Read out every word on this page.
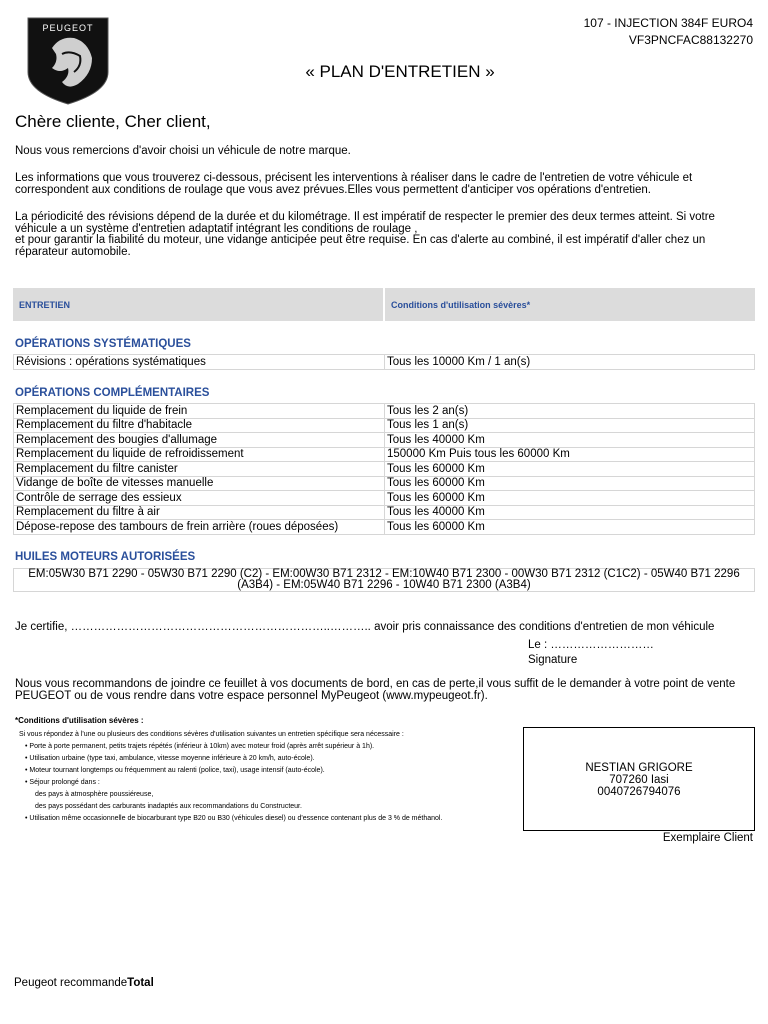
PEUGEOT	107 - INJECTION 384F EURO4
VF3PNCFAC88132270
« PLAN D'ENTRETIEN »
Chère cliente, Cher client,
Nous vous remercions d'avoir choisi un véhicule de notre marque.
Les informations que vous trouverez ci-dessous, précisent les interventions à réaliser dans le cadre de l'entretien de votre véhicule et
correspondent aux conditions de roulage que vous avez prévues.Elles vous permettent d'anticiper vos opérations d'entretien.
La périodicité des révisions dépend de la durée et du kilométrage. Il est impératif de respecter le premier des deux termes atteint. Si votre
véhicule a un système d'entretien adaptatif intégrant les conditions de roulage ,
et pour garantir la fiabilité du moteur, une vidange anticipée peut être requise. En cas d'alerte au combiné, il est impératif d'aller chez un
réparateur automobile.
ENTRETIEN	Conditions d'utilisation sévères*
OPÉRATIONS SYSTÉMATIQUES
Révisions : opérations systématiques	Tous les 10000 Km / 1 an(s)
OPÉRATIONS COMPLÉMENTAIRES
Remplacement du liquide de frein	Tous les 2 an(s)
Remplacement du filtre d'habitacle	Tous les 1 an(s)
Remplacement des bougies d'allumage	Tous les 40000 Km
Remplacement du liquide de refroidissement	150000 Km Puis tous les 60000 Km
Remplacement du filtre canister	Tous les 60000 Km
Vidange de boîte de vitesses manuelle	Tous les 60000 Km
Contrôle de serrage des essieux	Tous les 60000 Km
Remplacement du filtre à air	Tous les 40000 Km
Dépose-repose des tambours de frein arrière (roues déposées)	Tous les 60000 Km
HUILES MOTEURS AUTORISÉES
EM:05W30 B71 2290 - 05W30 B71 2290 (C2) - EM:00W30 B71 2312 - EM:10W40 B71 2300 - 00W30 B71 2312 (C1C2) - 05W40 B71 2296
(A3B4) - EM:05W40 B71 2296 - 10W40 B71 2300 (A3B4)
Je certifie, …………………………………………………………..……….. avoir pris connaissance des conditions d'entretien de mon véhicule
Le : ………………………
Signature
Nous vous recommandons de joindre ce feuillet à vos documents de bord, en cas de perte,il vous suffit de le demander à votre point de vente
PEUGEOT ou de vous rendre dans votre espace personnel MyPeugeot (www.mypeugeot.fr).
*Conditions d'utilisation sévères :
Si vous répondez à l'une ou plusieurs des conditions sévères d'utilisation suivantes un entretien spécifique sera nécessaire :
• Porte à porte permanent, petits trajets répétés (inférieur à 10km) avec moteur froid (après arrêt supérieur à 1h).
• Utilisation urbaine (type taxi, ambulance, vitesse moyenne inférieure à 20 km/h, auto-école).
• Moteur tournant longtemps ou fréquemment au ralenti (police, taxi), usage intensif (auto-école).
• Séjour prolongé dans :
des pays à atmosphère poussiéreuse,
des pays possédant des carburants inadaptés aux recommandations du Constructeur.
• Utilisation même occasionnelle de biocarburant type B20 ou B30 (véhicules diesel) ou d'essence contenant plus de 3 % de méthanol.
NESTIAN GRIGORE
707260 Iasi
0040726794076
Exemplaire Client
Peugeot recommandeTotal
